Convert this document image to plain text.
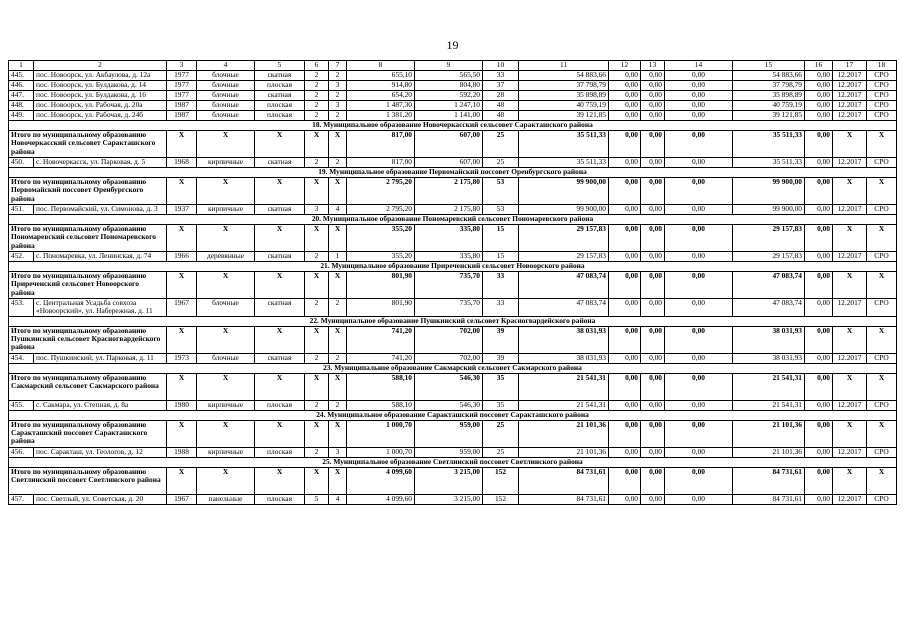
19
1	2	3	4	5	6	7	8	9	10	11	12	13	14	15	16	17	18
445.	пос. Новоорск, ул. Акбаулова, д. 12а	1977	блочные	скатная	2	2	655,10	565,50	33	54 883,66	0,00	0,00	0,00	54 883,66	0,00	12.2017	СРО
446.	пос. Новоорск, ул. Булдакова, д. 14	1977	блочные	плоская	2	3	914,80	804,80	37	37 798,79	0,00	0,00	0,00	37 798,79	0,00	12.2017	СРО
447.	пос. Новоорск, ул. Булдакова, д. 16	1977	блочные	скатная	2	2	654,20	592,20	28	35 898,89	0,00	0,00	0,00	35 898,89	0,00	12.2017	СРО
448.	пос. Новоорск, ул. Рабочая, д. 20а	1987	блочные	плоская	2	3	1 487,30	1 247,10	48	40 759,19	0,00	0,00	0,00	40 759,19	0,00	12.2017	СРО
449.	пос. Новоорск, ул. Рабочая, д. 24б	1987	блочные	плоская	2	2	1 381,20	1 141,00	48	39 121,85	0,00	0,00	0,00	39 121,85	0,00	12.2017	СРО
18. Муниципальное образование Новочеркасский сельсовет Саракташского района																	
Итого по муниципальному образованию Новочеркасский сельсовет Саракташского района		X	X	X	X	X	817,00	607,00	25	35 511,33	0,00	0,00	0,00	35 511,33	0,00	X	X
450.	с. Новочеркасск, ул. Парковая, д. 5	1968	кирпичные	скатная	2	2	817,00	607,00	25	35 511,33	0,00	0,00	0,00	35 511,33	0,00	12.2017	СРО
19. Муниципальное образование Первомайский поссовет Оренбургского района																	
Итого по муниципальному образованию Первомайский поссовет Оренбургского района		X	X	X	X	X	2 795,20	2 175,80	53	99 900,00	0,00	0,00	0,00	99 900,00	0,00	X	X
451.	пос. Первомайский, ул. Симонова, д. 3	1937	кирпичные	скатная	3	4	2 795,20	2 175,80	53	99 900,00	0,00	0,00	0,00	99 900,00	0,00	12.2017	СРО
20. Муниципальное образование Пономаревский сельсовет Пономаревского района																	
Итого по муниципальному образованию Пономаревский сельсовет Пономаревского района		X	X	X	X	X	355,20	335,80	15	29 157,83	0,00	0,00	0,00	29 157,83	0,00	X	X
452.	с. Пономаревка, ул. Ленинская, д. 74	1966	деревянные	скатная	2	1	355,20	335,80	15	29 157,83	0,00	0,00	0,00	29 157,83	0,00	12.2017	СРО
21. Муниципальное образование Приреченский сельсовет Новоорского района																	
Итого по муниципальному образованию Приреченский сельсовет Новоорского района		X	X	X	X	X	801,90	735,70	33	47 083,74	0,00	0,00	0,00	47 083,74	0,00	X	X
453.	с. Центральная Усадьба совхоза «Новоорский», ул. Набережная, д. 11	1967	блочные	скатная	2	2	801,90	735,70	33	47 083,74	0,00	0,00	0,00	47 083,74	0,00	12.2017	СРО
22. Муниципальное образование Пушкинский сельсовет Красногвардейского района																	
Итого по муниципальному образованию Пушкинский сельсовет Красногвардейского района		X	X	X	X	X	741,20	702,00	39	38 031,93	0,00	0,00	0,00	38 031,93	0,00	X	X
454.	пос. Пушкинский, ул. Парковая, д. 11	1973	блочные	скатная	2	2	741,20	702,00	39	38 031,93	0,00	0,00	0,00	38 031,93	0,00	12.2017	СРО
23. Муниципальное образование Сакмарский сельсовет Сакмарского района																	
Итого по муниципальному образованию Сакмарский сельсовет Сакмарского района		X	X	X	X	X	588,10	546,30	35	21 541,31	0,00	0,00	0,00	21 541,31	0,00	X	X
455.	с. Сакмара, ул. Степная, д. 8а	1980	кирпичные	плоская	2	2	588,10	546,30	35	21 541,31	0,00	0,00	0,00	21 541,31	0,00	12.2017	СРО
24. Муниципальное образование Саракташский поссовет Саракташского района																	
Итого по муниципальному образованию Саракташский поссовет Саракташского района		X	X	X	X	X	1 000,70	959,00	25	21 101,36	0,00	0,00	0,00	21 101,36	0,00	X	X
456.	пос. Саракташ, ул. Геологов, д. 12	1988	кирпичные	плоская	2	3	1 000,70	959,00	25	21 101,36	0,00	0,00	0,00	21 101,36	0,00	12.2017	СРО
25. Муниципальное образование Светлинский поссовет Светлинского района																	
Итого по муниципальному образованию Светлинский поссовет Светлинского района		X	X	X	X	X	4 099,60	3 215,00	152	84 731,61	0,00	0,00	0,00	84 731,61	0,00	X	X
457.	пос. Светлый, ул. Советская, д. 20	1967	панельные	плоская	5	4	4 099,60	3 215,00	152	84 731,61	0,00	0,00	0,00	84 731,61	0,00	12.2017	СРО
